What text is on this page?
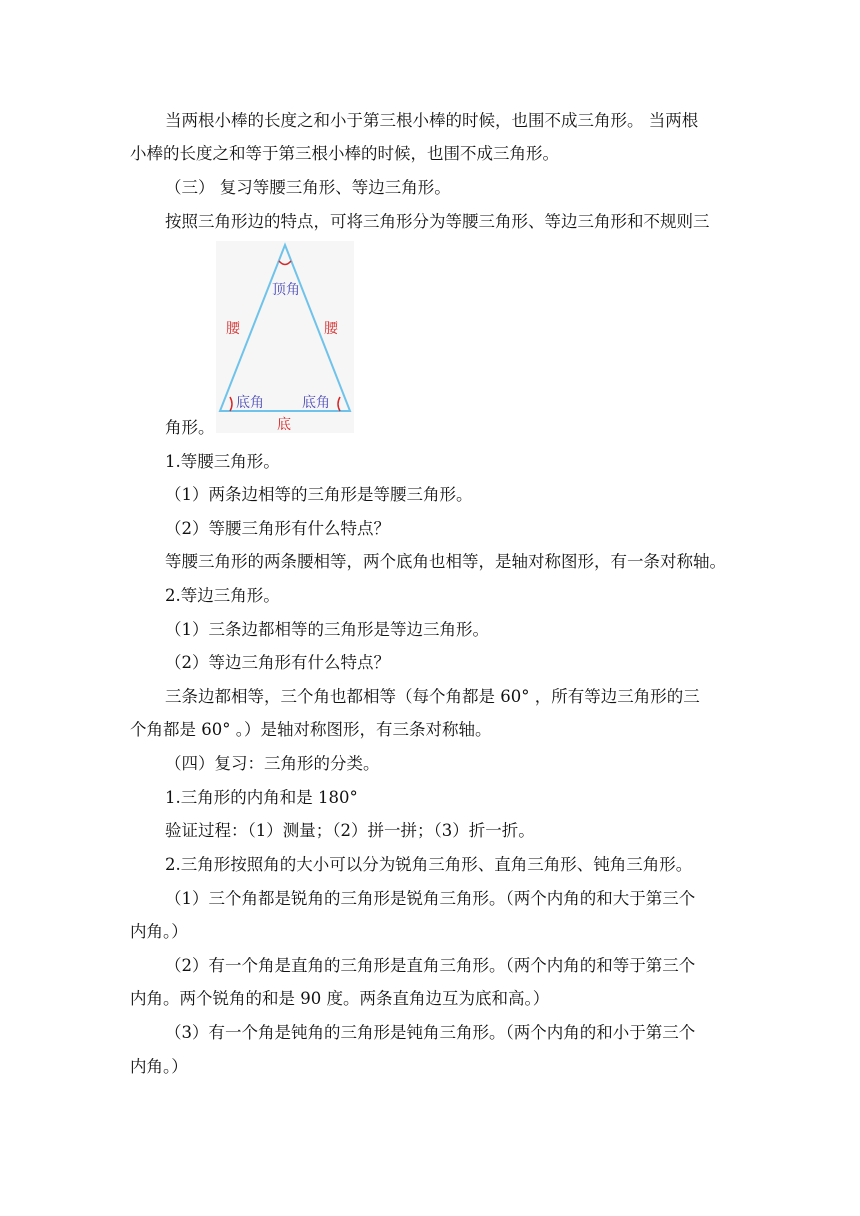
当两根小棒的长度之和小于第三根小棒的时候，也围不成三角形。 当两根
小棒的长度之和等于第三根小棒的时候，也围不成三角形。
（三） 复习等腰三角形、等边三角形。
按照三角形边的特点，可将三角形分为等腰三角形、等边三角形和不规则三
顶角
腰	腰
底角	底角
底
角形。
1.等腰三角形。
（1）两条边相等的三角形是等腰三角形。
（2）等腰三角形有什么特点？
等腰三角形的两条腰相等，两个底角也相等，是轴对称图形，有一条对称轴。
2.等边三角形。
（1）三条边都相等的三角形是等边三角形。
（2）等边三角形有什么特点？
三条边都相等，三个角也都相等（每个角都是 60° ，所有等边三角形的三
个角都是 60° 。）是轴对称图形，有三条对称轴。
（四）复习：三角形的分类。
1.三角形的内角和是 180°
验证过程：（1）测量；（2）拼一拼；（3）折一折。
2.三角形按照角的大小可以分为锐角三角形、直角三角形、钝角三角形。
（1）三个角都是锐角的三角形是锐角三角形。（两个内角的和大于第三个
内角。）
（2）有一个角是直角的三角形是直角三角形。（两个内角的和等于第三个
内角。两个锐角的和是 90 度。两条直角边互为底和高。）
（3）有一个角是钝角的三角形是钝角三角形。（两个内角的和小于第三个
内角。）
